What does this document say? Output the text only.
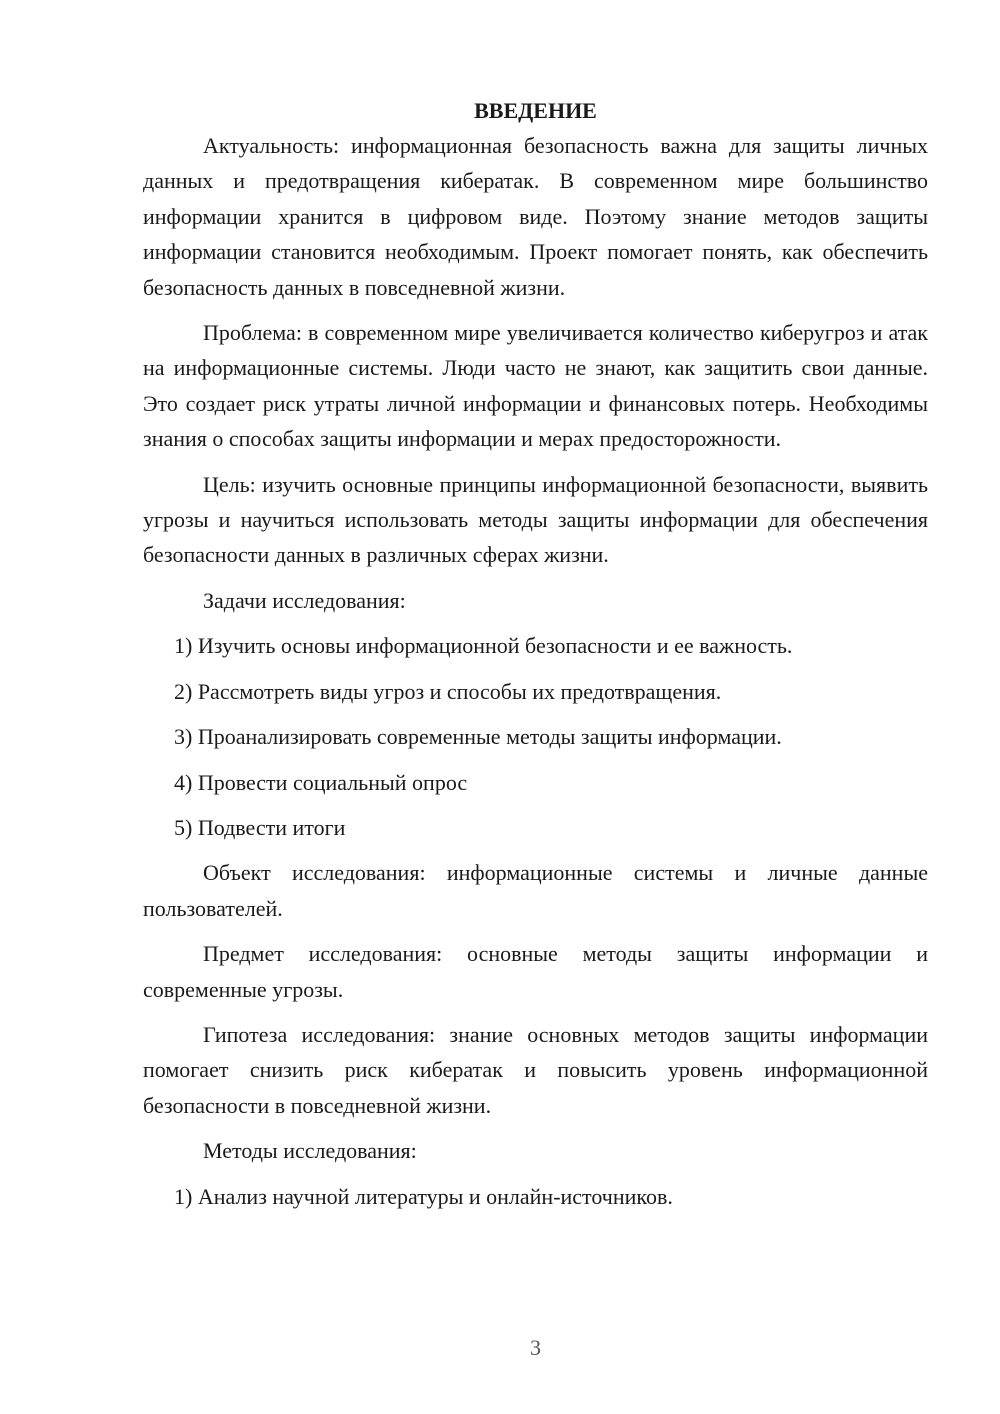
ВВЕДЕНИЕ

Актуальность: информационная безопасность важна для защиты личных данных и предотвращения кибератак. В современном мире большинство информации хранится в цифровом виде. Поэтому знание методов защиты информации становится необходимым. Проект помогает понять, как обеспечить безопасность данных в повседневной жизни.

Проблема: в современном мире увеличивается количество киберугроз и атак на информационные системы. Люди часто не знают, как защитить свои данные. Это создает риск утраты личной информации и финансовых потерь. Необходимы знания о способах защиты информации и мерах предосторожности.

Цель: изучить основные принципы информационной безопасности, выявить угрозы и научиться использовать методы защиты информации для обеспечения безопасности данных в различных сферах жизни.

Задачи исследования:

1) Изучить основы информационной безопасности и ее важность.

2) Рассмотреть виды угроз и способы их предотвращения.

3) Проанализировать современные методы защиты информации.

4) Провести социальный опрос

5) Подвести итоги

Объект исследования: информационные системы и личные данные пользователей.

Предмет исследования: основные методы защиты информации и современные угрозы.

Гипотеза исследования: знание основных методов защиты информации помогает снизить риск кибератак и повысить уровень информационной безопасности в повседневной жизни.

Методы исследования:

1) Анализ научной литературы и онлайн-источников.

3
